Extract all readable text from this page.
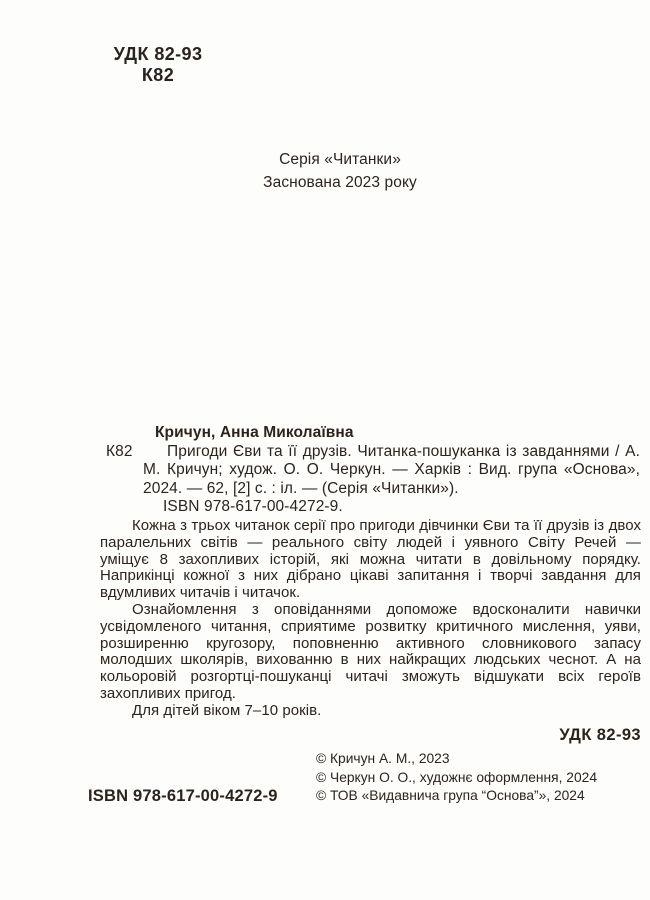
УДК 82-93
К82
Серія «Читанки»
Заснована 2023 року
К82

Кричун, Анна Миколаївна

Пригоди Єви та її друзів. Читанка-пошуканка із завданнями / А. М. Кричун; худож. О. О. Черкун. — Харків : Вид. група «Основа», 2024. — 62, [2] с. : іл. — (Серія «Читанки»).

ISBN 978-617-00-4272-9.

Кожна з трьох читанок серії про пригоди дівчинки Єви та її друзів із двох паралельних світів — реального світу людей і уявного Світу Речей — уміщує 8 захопливих історій, які можна читати в довільному порядку. Наприкінці кожної з них дібрано цікаві запитання і творчі завдання для вдумливих читачів і читачок.

Ознайомлення з оповіданнями допоможе вдосконалити навички усвідомленого читання, сприятиме розвитку критичного мислення, уяви, розширенню кругозору, поповненню активного словникового запасу молодших школярів, вихованню в них найкращих людських чеснот. А на кольоровій розгортці-пошуканці читачі зможуть відшукати всіх героїв захопливих пригод.

Для дітей віком 7–10 років.

УДК 82-93
ISBN 978-617-00-4272-9
© Кричун А. М., 2023
© Черкун О. О., художнє оформлення, 2024
© ТОВ «Видавнича група “Основа”», 2024
